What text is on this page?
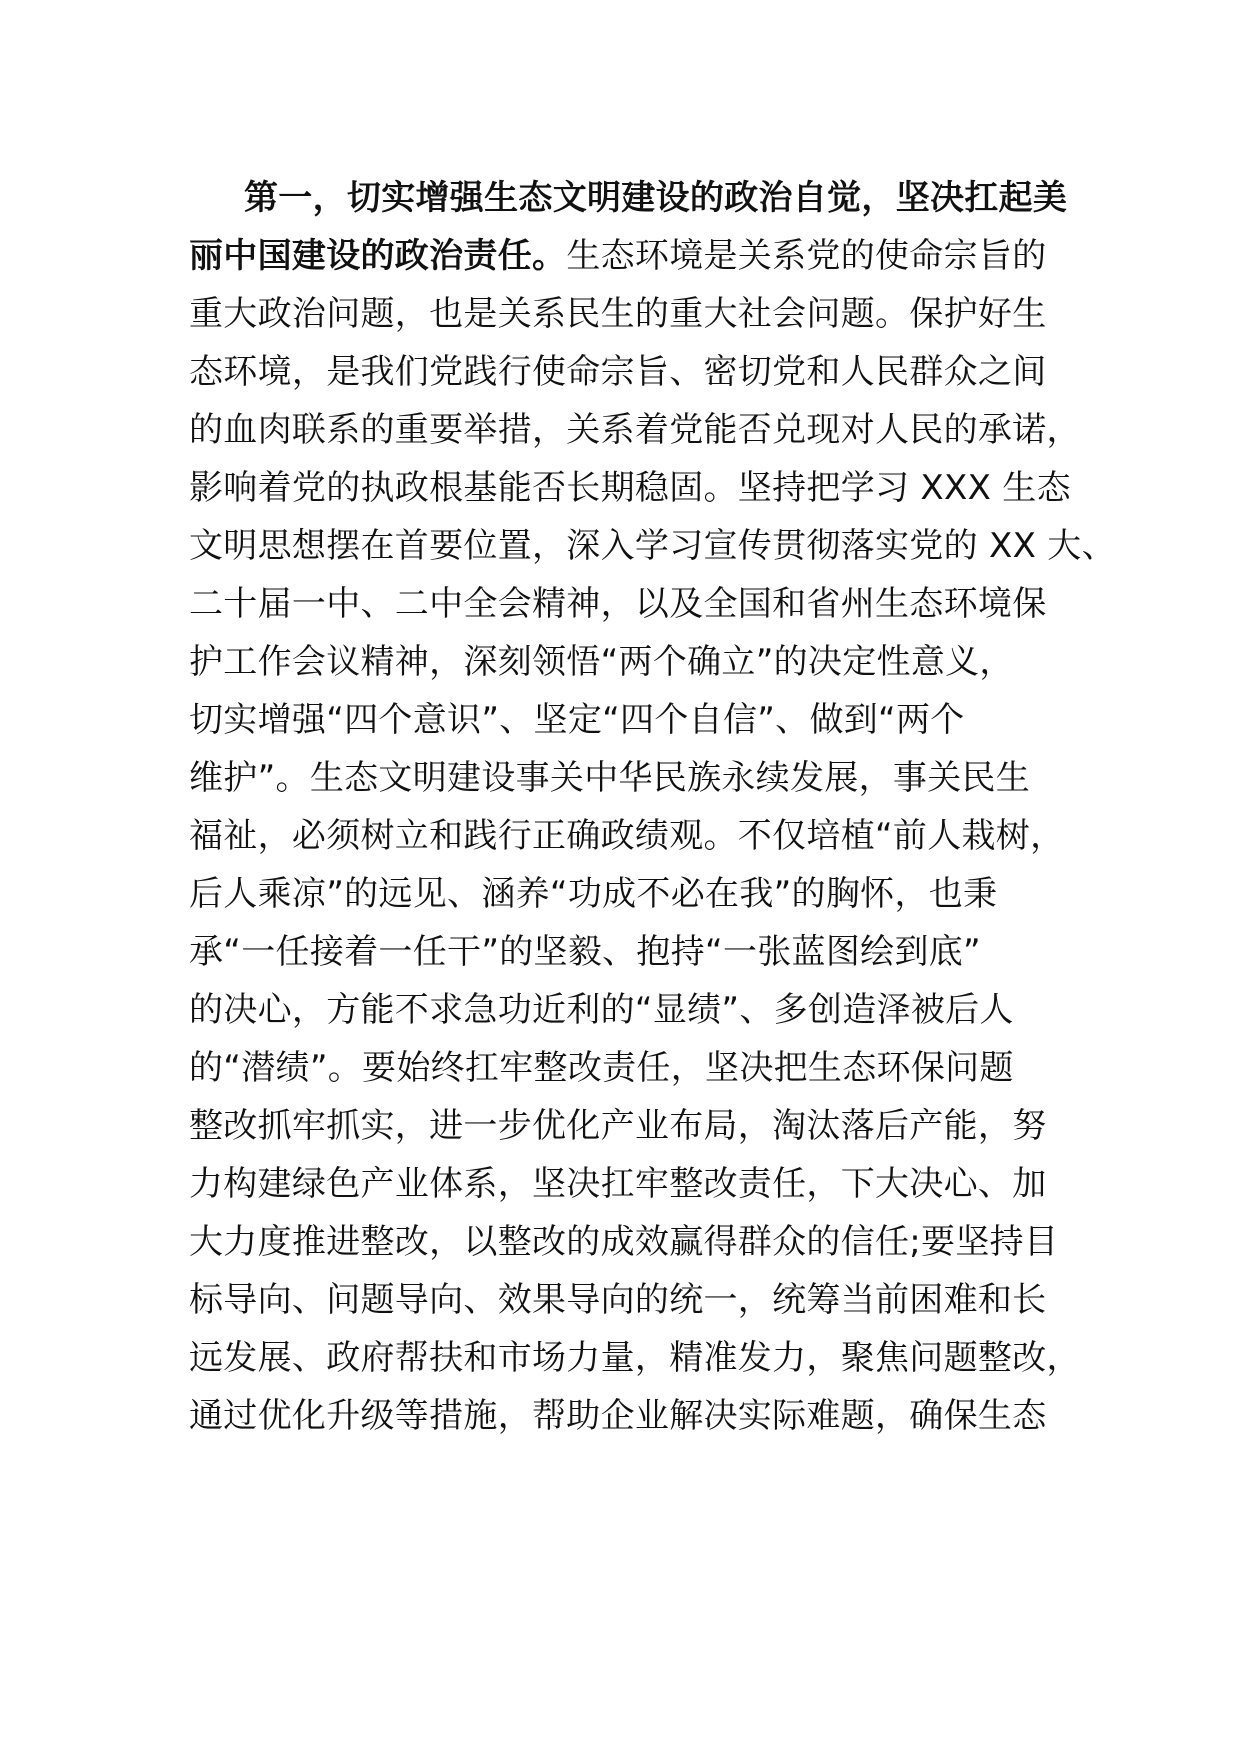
第一，切实增强生态文明建设的政治自觉，坚决扛起美
丽中国建设的政治责任。生态环境是关系党的使命宗旨的
重大政治问题，也是关系民生的重大社会问题。保护好生
态环境，是我们党践行使命宗旨、密切党和人民群众之间
的血肉联系的重要举措，关系着党能否兑现对人民的承诺，
影响着党的执政根基能否长期稳固。坚持把学习 XXX 生态
文明思想摆在首要位置，深入学习宣传贯彻落实党的 XX 大、
二十届一中、二中全会精神，以及全国和省州生态环境保
护工作会议精神，深刻领悟“两个确立”的决定性意义，
切实增强“四个意识”、坚定“四个自信”、做到“两个
维护”。生态文明建设事关中华民族永续发展，事关民生
福祉，必须树立和践行正确政绩观。不仅培植“前人栽树，
后人乘凉”的远见、涵养“功成不必在我”的胸怀，也秉
承“一任接着一任干”的坚毅、抱持“一张蓝图绘到底”
的决心，方能不求急功近利的“显绩”、多创造泽被后人
的“潜绩”。要始终扛牢整改责任，坚决把生态环保问题
整改抓牢抓实，进一步优化产业布局，淘汰落后产能，努
力构建绿色产业体系，坚决扛牢整改责任，下大决心、加
大力度推进整改，以整改的成效赢得群众的信任;要坚持目
标导向、问题导向、效果导向的统一，统筹当前困难和长
远发展、政府帮扶和市场力量，精准发力，聚焦问题整改，
通过优化升级等措施，帮助企业解决实际难题，确保生态
